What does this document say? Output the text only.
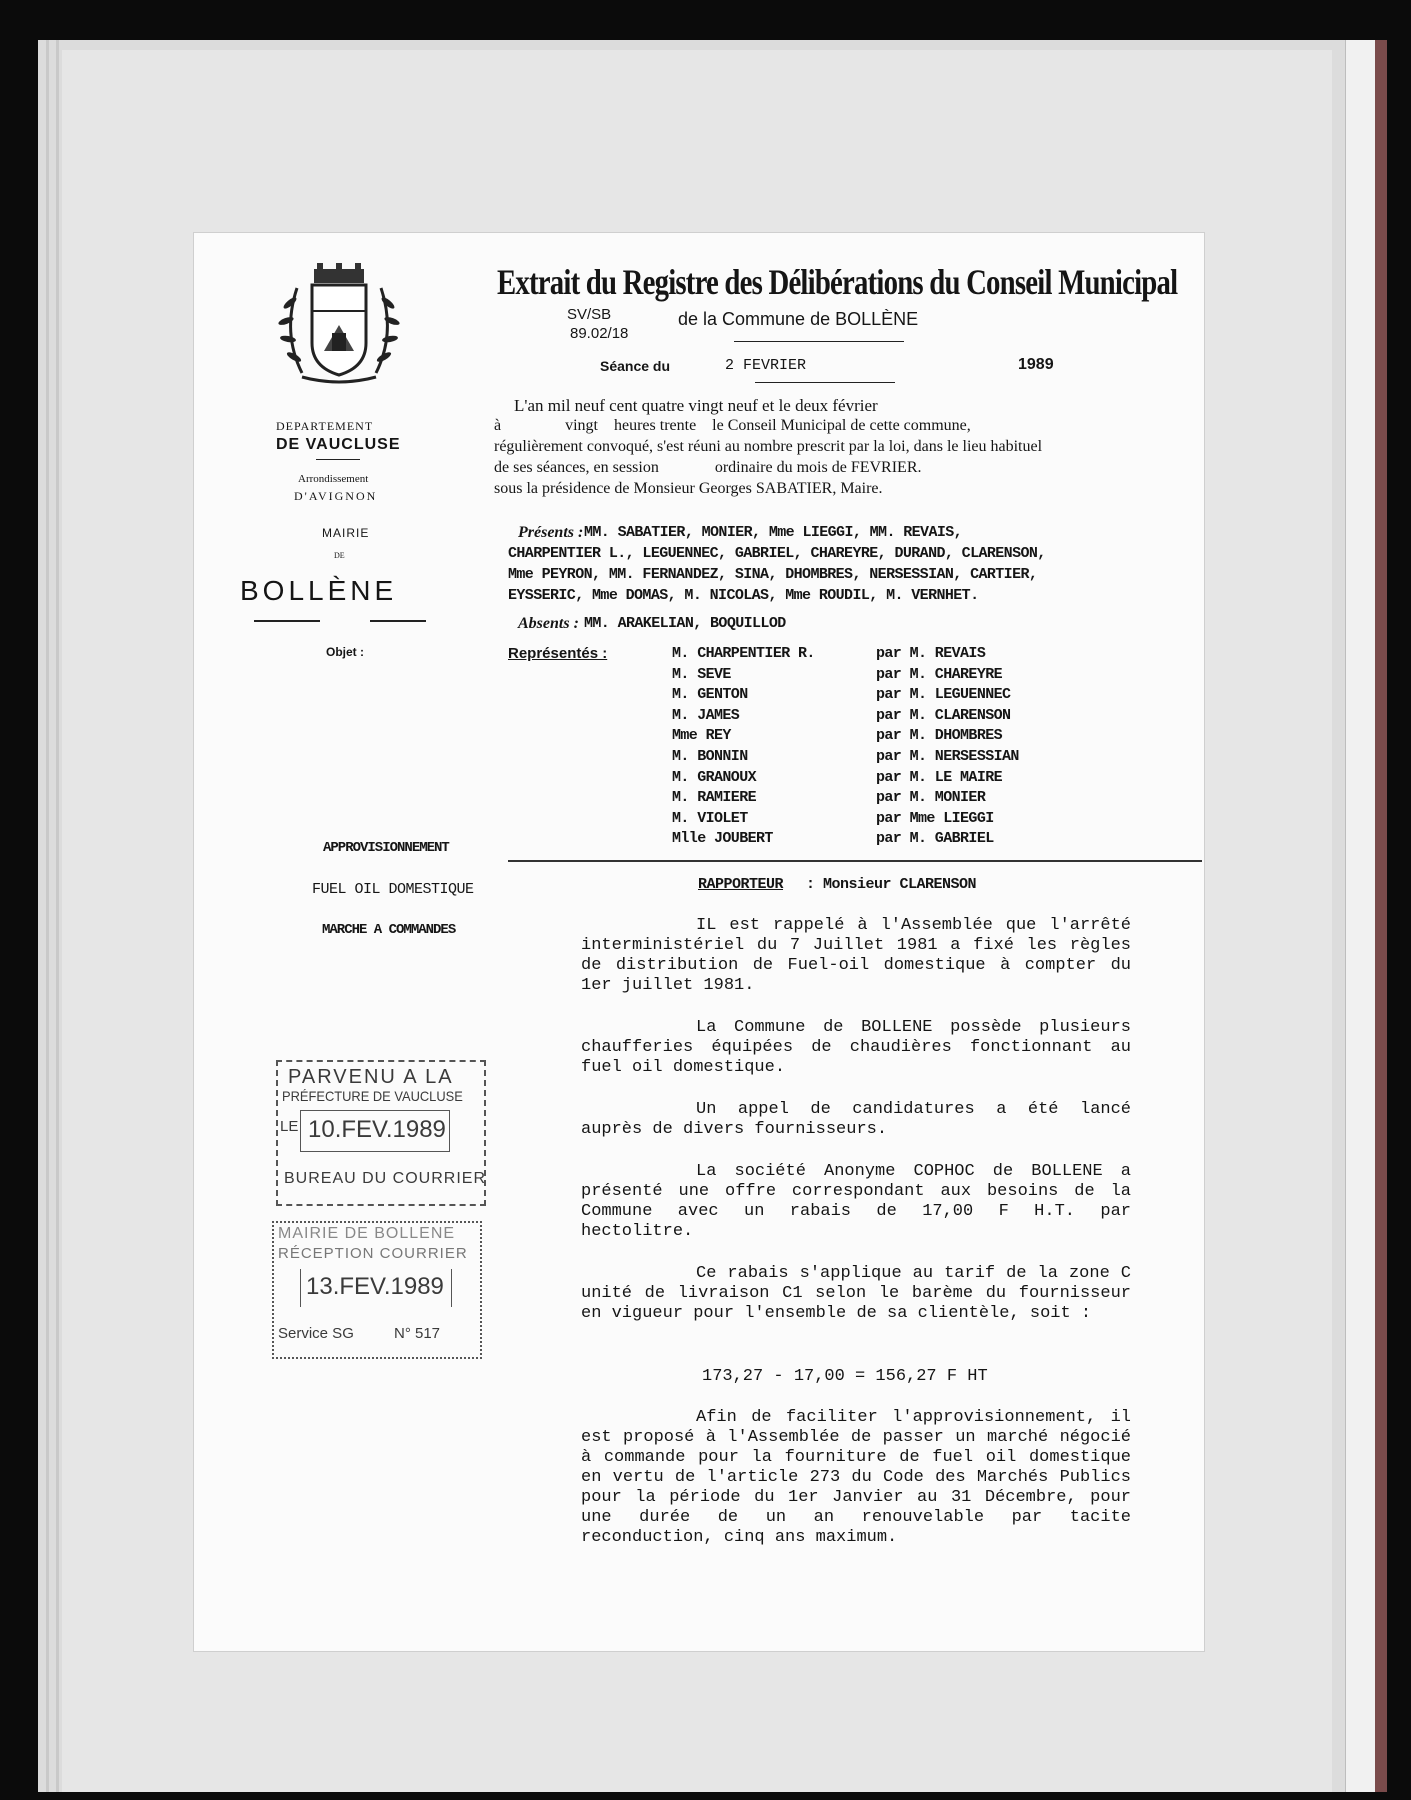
DEPARTEMENT
DE VAUCLUSE
Arrondissement
D'AVIGNON
MAIRIE
DE
BOLLÈNE
Objet :
APPROVISIONNEMENT
FUEL OIL DOMESTIQUE
MARCHE A COMMANDES
Extrait du Registre des Délibérations du Conseil Municipal
SV/SB
89.02/18
de la Commune de BOLLÈNE
Séance du	2 FEVRIER	1989
L'an mil neuf cent quatre vingt neuf et le deux février
à                vingt    heures trente    le Conseil Municipal de cette commune,
régulièrement convoqué, s'est réuni au nombre prescrit par la loi, dans le lieu habituel
de ses séances, en session              ordinaire du mois de FEVRIER.
sous la présidence de Monsieur Georges SABATIER, Maire.
Présents : MM. SABATIER, MONIER, Mme LIEGGI, MM. REVAIS,
CHARPENTIER L., LEGUENNEC, GABRIEL, CHAREYRE, DURAND, CLARENSON,
Mme PEYRON, MM. FERNANDEZ, SINA, DHOMBRES, NERSESSIAN, CARTIER,
EYSSERIC, Mme DOMAS, M. NICOLAS, Mme ROUDIL, M. VERNHET.
Absents : MM. ARAKELIAN, BOQUILLOD
Représentés :	M. CHARPENTIER R.	par M. REVAIS
M. SEVE	par M. CHAREYRE
M. GENTON	par M. LEGUENNEC
M. JAMES	par M. CLARENSON
Mme REY	par M. DHOMBRES
M. BONNIN	par M. NERSESSIAN
M. GRANOUX	par M. LE MAIRE
M. RAMIERE	par M. MONIER
M. VIOLET	par Mme LIEGGI
Mlle JOUBERT	par M. GABRIEL
RAPPORTEUR : Monsieur CLARENSON
IL est rappelé à l'Assemblée que l'arrêté interministériel du 7 Juillet 1981 a fixé les règles de distribution de Fuel-oil domestique à compter du 1er juillet 1981.
La Commune de BOLLENE possède plusieurs chaufferies équipées de chaudières fonctionnant au fuel oil domestique.
Un appel de candidatures a été lancé auprès de divers fournisseurs.
La société Anonyme COPHOC de BOLLENE a présenté une offre correspondant aux besoins de la Commune avec un rabais de 17,00 F H.T. par hectolitre.
Ce rabais s'applique au tarif de la zone C unité de livraison C1 selon le barème du fournisseur en vigueur pour l'ensemble de sa clientèle, soit :
173,27 - 17,00 = 156,27 F HT
Afin de faciliter l'approvisionnement, il est proposé à l'Assemblée de passer un marché négocié à commande pour la fourniture de fuel oil domestique en vertu de l'article 273 du Code des Marchés Publics pour la période du 1er Janvier au 31 Décembre, pour une durée de un an renouvelable par tacite reconduction, cinq ans maximum.
PARVENU A LA
PRÉFECTURE DE VAUCLUSE
LE 10.FEV.1989
BUREAU DU COURRIER
MAIRIE DE BOLLENE
RÉCEPTION COURRIER
13.FEV.1989
Service SG	N° 517
